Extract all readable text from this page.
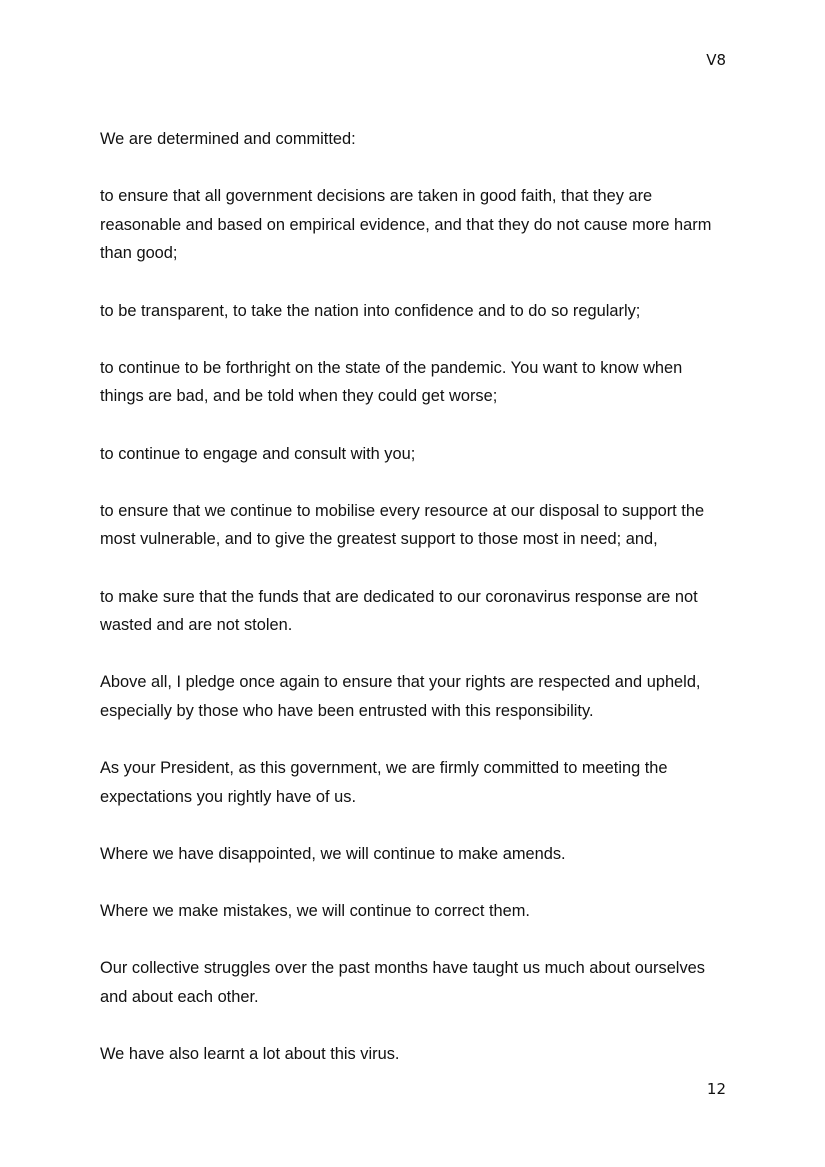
V8

We are determined and committed:

to ensure that all government decisions are taken in good faith, that they are reasonable and based on empirical evidence, and that they do not cause more harm than good;

to be transparent, to take the nation into confidence and to do so regularly;

to continue to be forthright on the state of the pandemic. You want to know when things are bad, and be told when they could get worse;

to continue to engage and consult with you;

to ensure that we continue to mobilise every resource at our disposal to support the most vulnerable, and to give the greatest support to those most in need; and,

to make sure that the funds that are dedicated to our coronavirus response are not wasted and are not stolen.

Above all, I pledge once again to ensure that your rights are respected and upheld, especially by those who have been entrusted with this responsibility.

As your President, as this government, we are firmly committed to meeting the expectations you rightly have of us.

Where we have disappointed, we will continue to make amends.

Where we make mistakes, we will continue to correct them.

Our collective struggles over the past months have taught us much about ourselves and about each other.

We have also learnt a lot about this virus.

12
